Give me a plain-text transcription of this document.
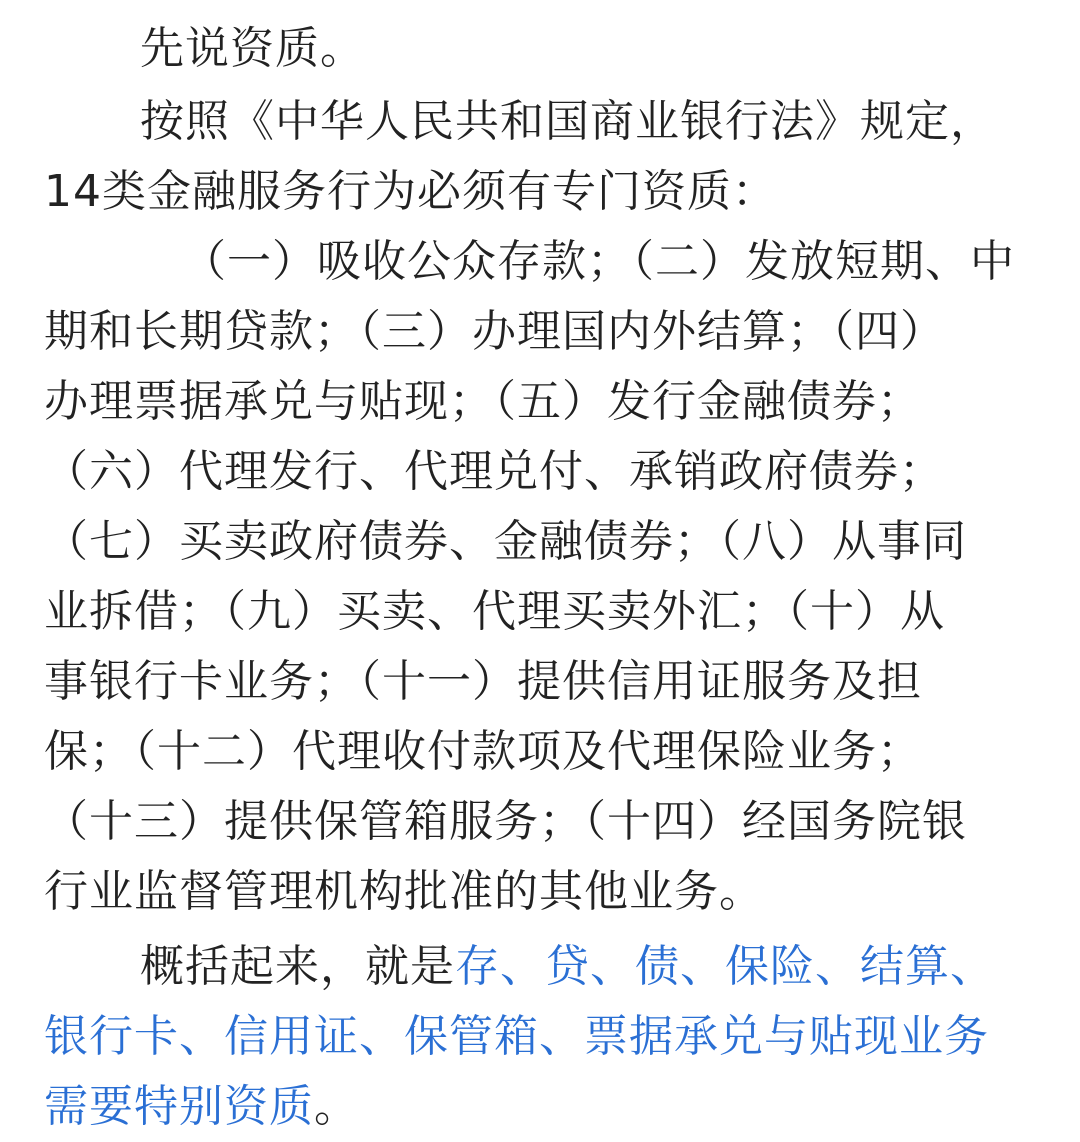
先说资质。
按照《中华人民共和国商业银行法》规定，
14类金融服务行为必须有专门资质：
（一）吸收公众存款；（二）发放短期、中
期和长期贷款；（三）办理国内外结算；（四）
办理票据承兑与贴现；（五）发行金融债券；
（六）代理发行、代理兑付、承销政府债券；
（七）买卖政府债券、金融债券；（八）从事同
业拆借；（九）买卖、代理买卖外汇；（十）从
事银行卡业务；（十一）提供信用证服务及担
保；（十二）代理收付款项及代理保险业务；
（十三）提供保管箱服务；（十四）经国务院银
行业监督管理机构批准的其他业务。
概括起来，就是存、贷、债、保险、结算、
银行卡、信用证、保管箱、票据承兑与贴现业务
需要特别资质。
